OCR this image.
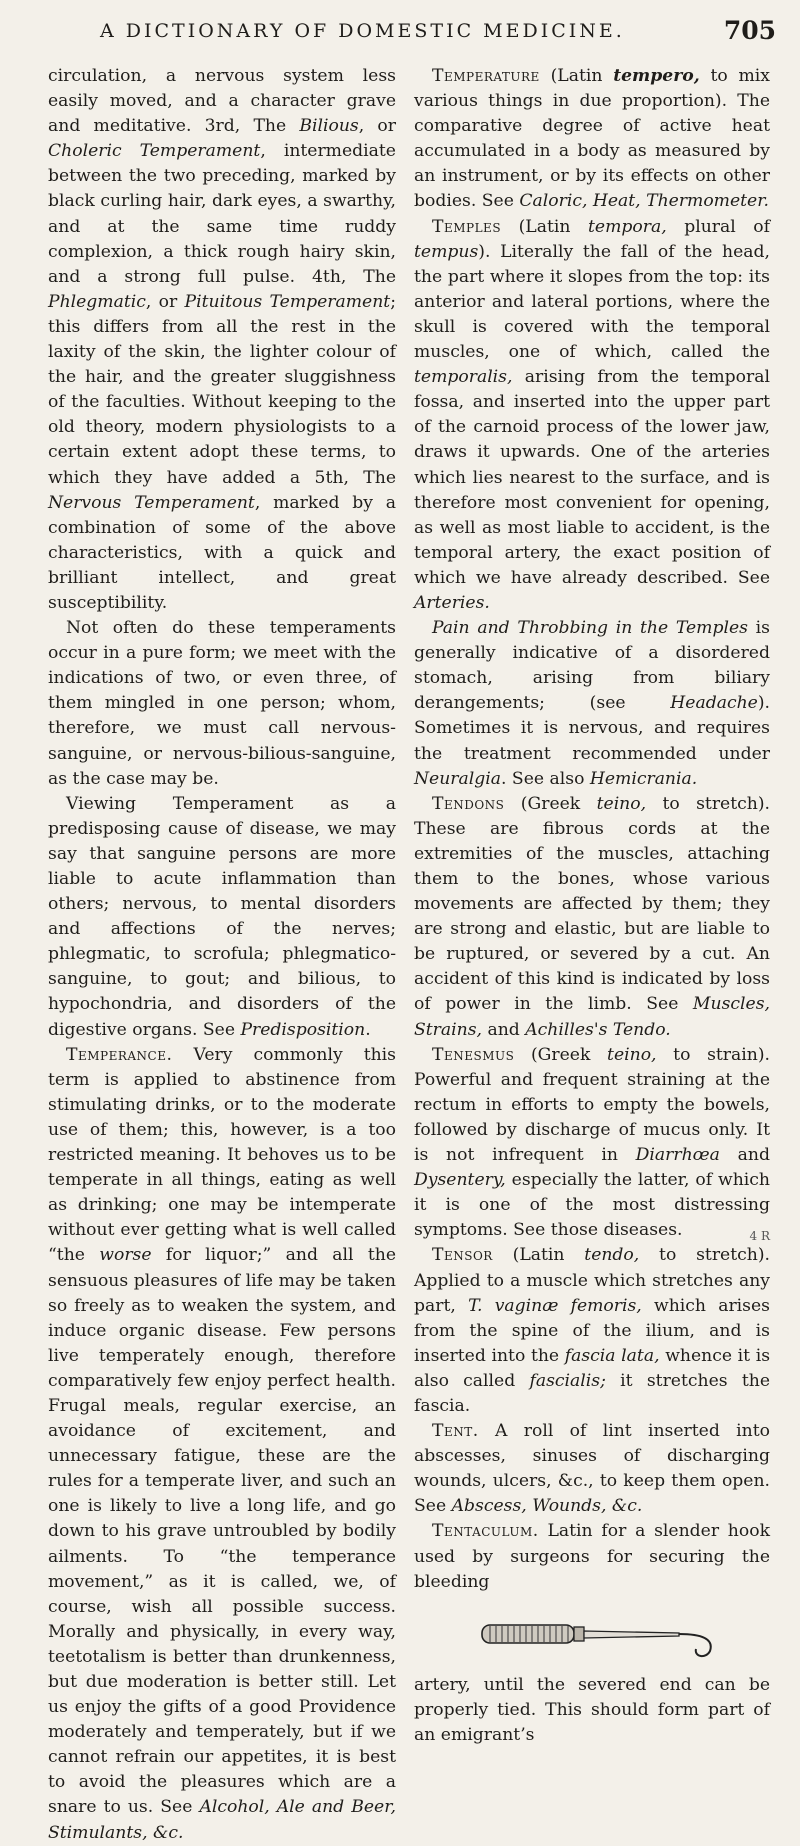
A DICTIONARY OF DOMESTIC MEDICINE.	705

circulation, a nervous system less easily moved, and a character grave and meditative. 3rd, The Bilious, or Choleric Temperament, intermediate between the two preceding, marked by black curling hair, dark eyes, a swarthy, and at the same time ruddy complexion, a thick rough hairy skin, and a strong full pulse. 4th, The Phlegmatic, or Pituitous Temperament; this differs from all the rest in the laxity of the skin, the lighter colour of the hair, and the greater sluggishness of the faculties. Without keeping to the old theory, modern physiologists to a certain extent adopt these terms, to which they have added a 5th, The Nervous Temperament, marked by a combination of some of the above characteristics, with a quick and brilliant intellect, and great susceptibility.

Not often do these temperaments occur in a pure form; we meet with the indications of two, or even three, of them mingled in one person; whom, therefore, we must call nervous-sanguine, or nervous-bilious-sanguine, as the case may be.

Viewing Temperament as a predisposing cause of disease, we may say that sanguine persons are more liable to acute inflammation than others; nervous, to mental disorders and affections of the nerves; phlegmatic, to scrofula; phlegmatico-sanguine, to gout; and bilious, to hypochondria, and disorders of the digestive organs. See Predisposition.

Temperance. Very commonly this term is applied to abstinence from stimulating drinks, or to the moderate use of them; this, however, is a too restricted meaning. It behoves us to be temperate in all things, eating as well as drinking; one may be intemperate without ever getting what is well called “the worse for liquor;” and all the sensuous pleasures of life may be taken so freely as to weaken the system, and induce organic disease. Few persons live temperately enough, therefore comparatively few enjoy perfect health. Frugal meals, regular exercise, an avoidance of excitement, and unnecessary fatigue, these are the rules for a temperate liver, and such an one is likely to live a long life, and go down to his grave untroubled by bodily ailments. To “the temperance movement,” as it is called, we, of course, wish all possible success. Morally and physically, in every way, teetotalism is better than drunkenness, but due moderation is better still. Let us enjoy the gifts of a good Providence moderately and temperately, but if we cannot refrain our appetites, it is best to avoid the pleasures which are a snare to us. See Alcohol, Ale and Beer, Stimulants, &c.

Temperature (Latin tempero, to mix various things in due proportion). The comparative degree of active heat accumulated in a body as measured by an instrument, or by its effects on other bodies. See Caloric, Heat, Thermometer.

Temples (Latin tempora, plural of tempus). Literally the fall of the head, the part where it slopes from the top: its anterior and lateral portions, where the skull is covered with the temporal muscles, one of which, called the temporalis, arising from the temporal fossa, and inserted into the upper part of the carnoid process of the lower jaw, draws it upwards. One of the arteries which lies nearest to the surface, and is therefore most convenient for opening, as well as most liable to accident, is the temporal artery, the exact position of which we have already described. See Arteries.

Pain and Throbbing in the Temples is generally indicative of a disordered stomach, arising from biliary derangements; (see Headache). Sometimes it is nervous, and requires the treatment recommended under Neuralgia. See also Hemicrania.

Tendons (Greek teino, to stretch). These are fibrous cords at the extremities of the muscles, attaching them to the bones, whose various movements are affected by them; they are strong and elastic, but are liable to be ruptured, or severed by a cut. An accident of this kind is indicated by loss of power in the limb. See Muscles, Strains, and Achilles's Tendo.

Tenesmus (Greek teino, to strain). Powerful and frequent straining at the rectum in efforts to empty the bowels, followed by discharge of mucus only. It is not infrequent in Diarrhœa and Dysentery, especially the latter, of which it is one of the most distressing symptoms. See those diseases.

Tensor (Latin tendo, to stretch). Applied to a muscle which stretches any part, T. vaginæ femoris, which arises from the spine of the ilium, and is inserted into the fascia lata, whence it is also called fascialis; it stretches the fascia.

Tent. A roll of lint inserted into abscesses, sinuses of discharging wounds, ulcers, &c., to keep them open. See Abscess, Wounds, &c.

Tentaculum. Latin for a slender hook used by surgeons for securing the bleeding

artery, until the severed end can be properly tied. This should form part of an emigrant’s

4 R
